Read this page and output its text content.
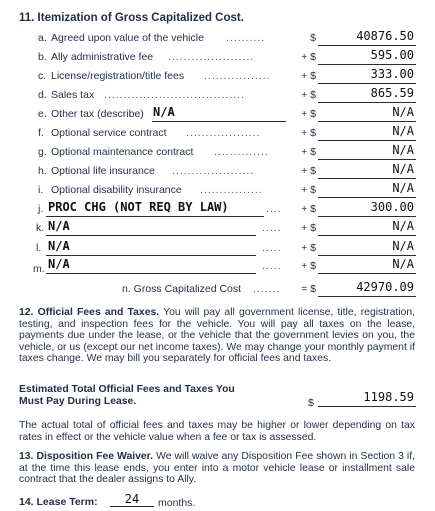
11. Itemization of Gross Capitalized Cost.
a. Agreed upon value of the vehicle ..........	$	40876.50
b. Ally administrative fee ......................	+ $	595.00
c. License/registration/title fees .................	+ $	333.00
d. Sales tax ....................................	+ $	865.59
e. Other tax (describe) N/A	+ $	N/A
f. Optional service contract ...................	+ $	N/A
g. Optional maintenance contract ..............	+ $	N/A
h. Optional life insurance .....................	+ $	N/A
i. Optional disability insurance ................	+ $	N/A
j. PROC CHG (NOT REQ BY LAW)	....	+ $	300.00
k. N/A	.....	+ $	N/A
l. N/A	.....	+ $	N/A
m. N/A	.....	+ $	N/A
n. Gross Capitalized Cost .......	= $	42970.09
12. Official Fees and Taxes. You will pay all government license, title, registration, testing, and inspection fees for the vehicle. You will pay all taxes on the lease, payments due under the lease, or the vehicle that the government levies on you, the vehicle, or us (except our net income taxes). We may change your monthly payment if taxes change. We may bill you separately for official fees and taxes.
Estimated Total Official Fees and Taxes You
Must Pay During Lease.	$	1198.59
The actual total of official fees and taxes may be higher or lower depending on tax rates in effect or the vehicle value when a fee or tax is assessed.
13. Disposition Fee Waiver. We will waive any Disposition Fee shown in Section 3 if, at the time this lease ends, you enter into a motor vehicle lease or installment sale contract that the dealer assigns to Ally.
14. Lease Term:	24	months.
